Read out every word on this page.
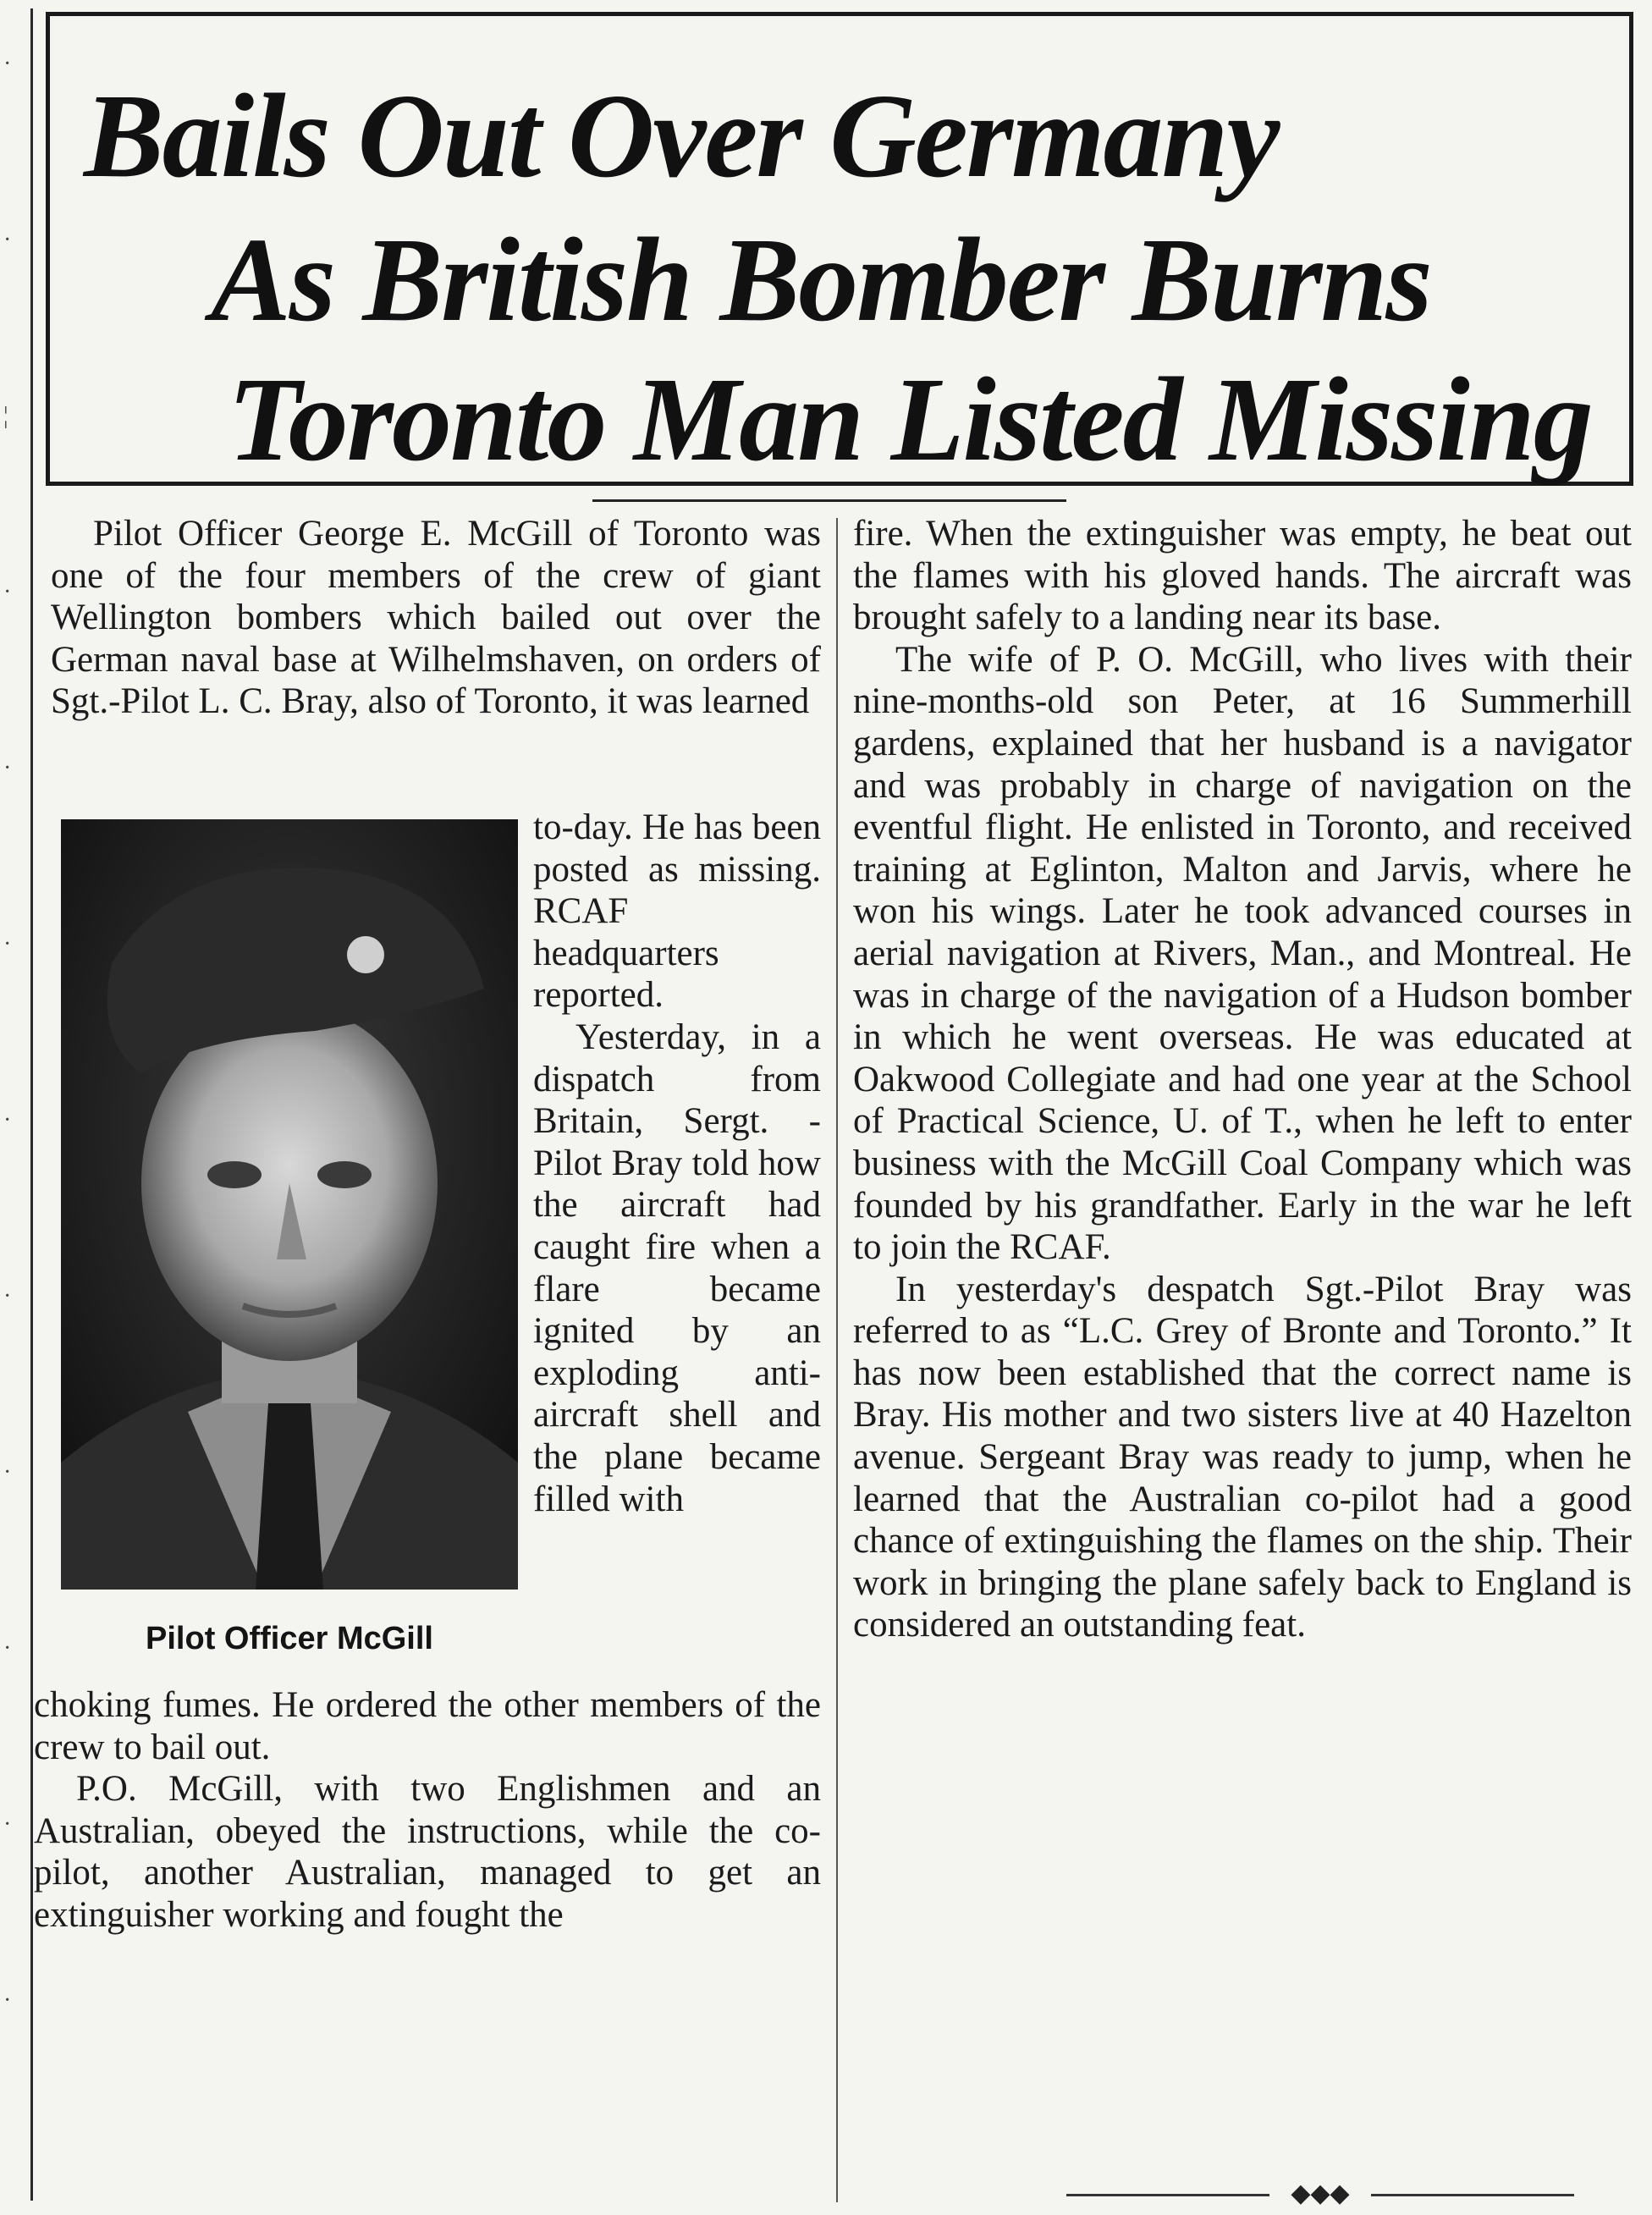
·
·
¦
·
·
·
·
·
·
·
·
·
Bails Out Over Germany
As British Bomber Burns
Toronto Man Listed Missing

Pilot Officer George E. McGill of Toronto was one of the four members of the crew of giant Wellington bombers which bailed out over the German naval base at Wilhelmshaven, on orders of Sgt.-Pilot L. C. Bray, also of Toronto, it was learned

Pilot Officer McGill

to-day. He has been posted as missing. RCAF headquarters reported.

Yesterday, in a dispatch from Britain, Sergt. - Pilot Bray told how the aircraft had caught fire when a flare became ignited by an exploding anti-aircraft shell and the plane became filled with

choking fumes. He ordered the other members of the crew to bail out.

P.O. McGill, with two Englishmen and an Australian, obeyed the instructions, while the co-pilot, another Australian, managed to get an extinguisher working and fought the

fire. When the extinguisher was empty, he beat out the flames with his gloved hands. The aircraft was brought safely to a landing near its base.

The wife of P. O. McGill, who lives with their nine-months-old son Peter, at 16 Summerhill gardens, explained that her husband is a navigator and was probably in charge of navigation on the eventful flight. He enlisted in Toronto, and received training at Eglinton, Malton and Jarvis, where he won his wings. Later he took advanced courses in aerial navigation at Rivers, Man., and Montreal. He was in charge of the navigation of a Hudson bomber in which he went overseas. He was educated at Oakwood Collegiate and had one year at the School of Practical Science, U. of T., when he left to enter business with the McGill Coal Company which was founded by his grandfather. Early in the war he left to join the RCAF.

In yesterday's despatch Sgt.-Pilot Bray was referred to as “L.C. Grey of Bronte and Toronto.” It has now been established that the correct name is Bray. His mother and two sisters live at 40 Hazelton avenue. Sergeant Bray was ready to jump, when he learned that the Australian co-pilot had a good chance of extinguishing the flames on the ship. Their work in bringing the plane safely back to England is considered an outstanding feat.

◆◆◆
